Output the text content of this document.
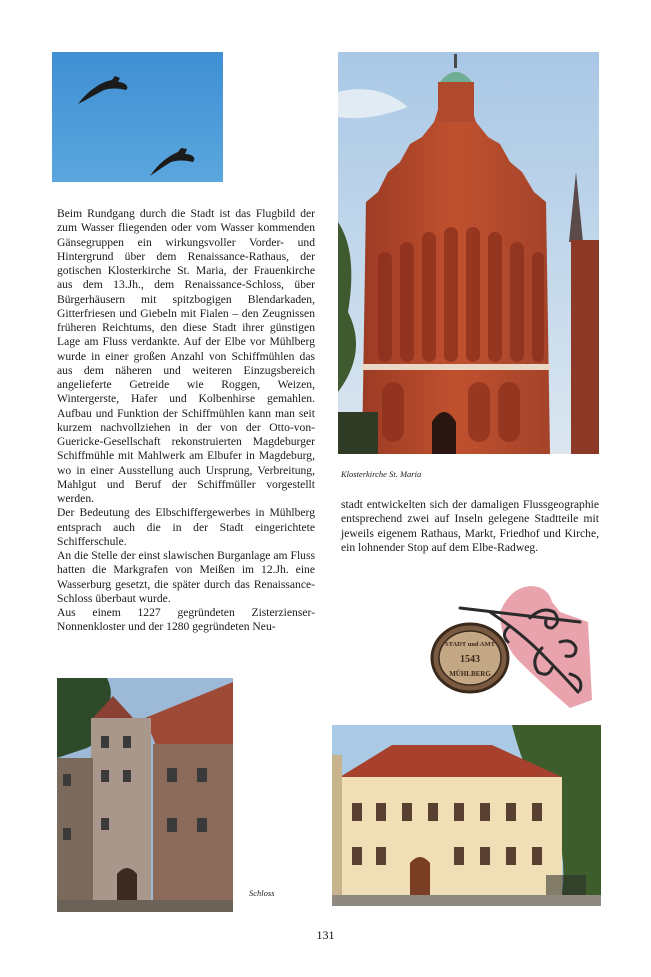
Klosterkirche St. Maria

Beim Rundgang durch die Stadt ist das Flugbild der zum Wasser fliegenden oder vom Wasser kommenden Gänsegruppen ein wirkungsvoller Vorder- und Hintergrund über dem Renaissance-Rathaus, der gotischen Klosterkirche St. Maria, der Frauenkirche aus dem 13.Jh., dem Renaissance-Schloss, über Bürgerhäusern mit spitzbogigen Blendarkaden, Gitterfriesen und Giebeln mit Fialen – den Zeugnissen früheren Reichtums, den diese Stadt ihrer günstigen Lage am Fluss verdankte. Auf der Elbe vor Mühlberg wurde in einer großen Anzahl von Schiffmühlen das aus dem näheren und weiteren Einzugsbereich angelieferte Getreide wie Roggen, Weizen, Wintergerste, Hafer und Kolbenhirse gemahlen. Aufbau und Funktion der Schiffmühlen kann man seit kurzem nachvollziehen in der von der Otto-von-Guericke-Gesellschaft rekonstruierten Magdeburger Schiffmühle mit Mahlwerk am Elbufer in Magdeburg, wo in einer Ausstellung auch Ursprung, Verbreitung, Mahlgut und Beruf der Schiffmüller vorgestellt werden.

Der Bedeutung des Elbschiffergewerbes in Mühlberg entsprach auch die in der Stadt eingerichtete Schifferschule.

An die Stelle der einst slawischen Burganlage am Fluss hatten die Markgrafen von Meißen im 12.Jh. eine Wasserburg gesetzt, die später durch das Renaissance-Schloss überbaut wurde.

Aus einem 1227 gegründeten Zisterzienser-Nonnenkloster und der 1280 gegründeten Neu-

stadt entwickelten sich der damaligen Flussgeographie entsprechend zwei auf Inseln gelegene Stadtteile mit jeweils eigenem Rathaus, Markt, Friedhof und Kirche, ein lohnender Stop auf dem Elbe-Radweg.

STADT und AMT
1543
MÜHLBERG

Schloss

131
